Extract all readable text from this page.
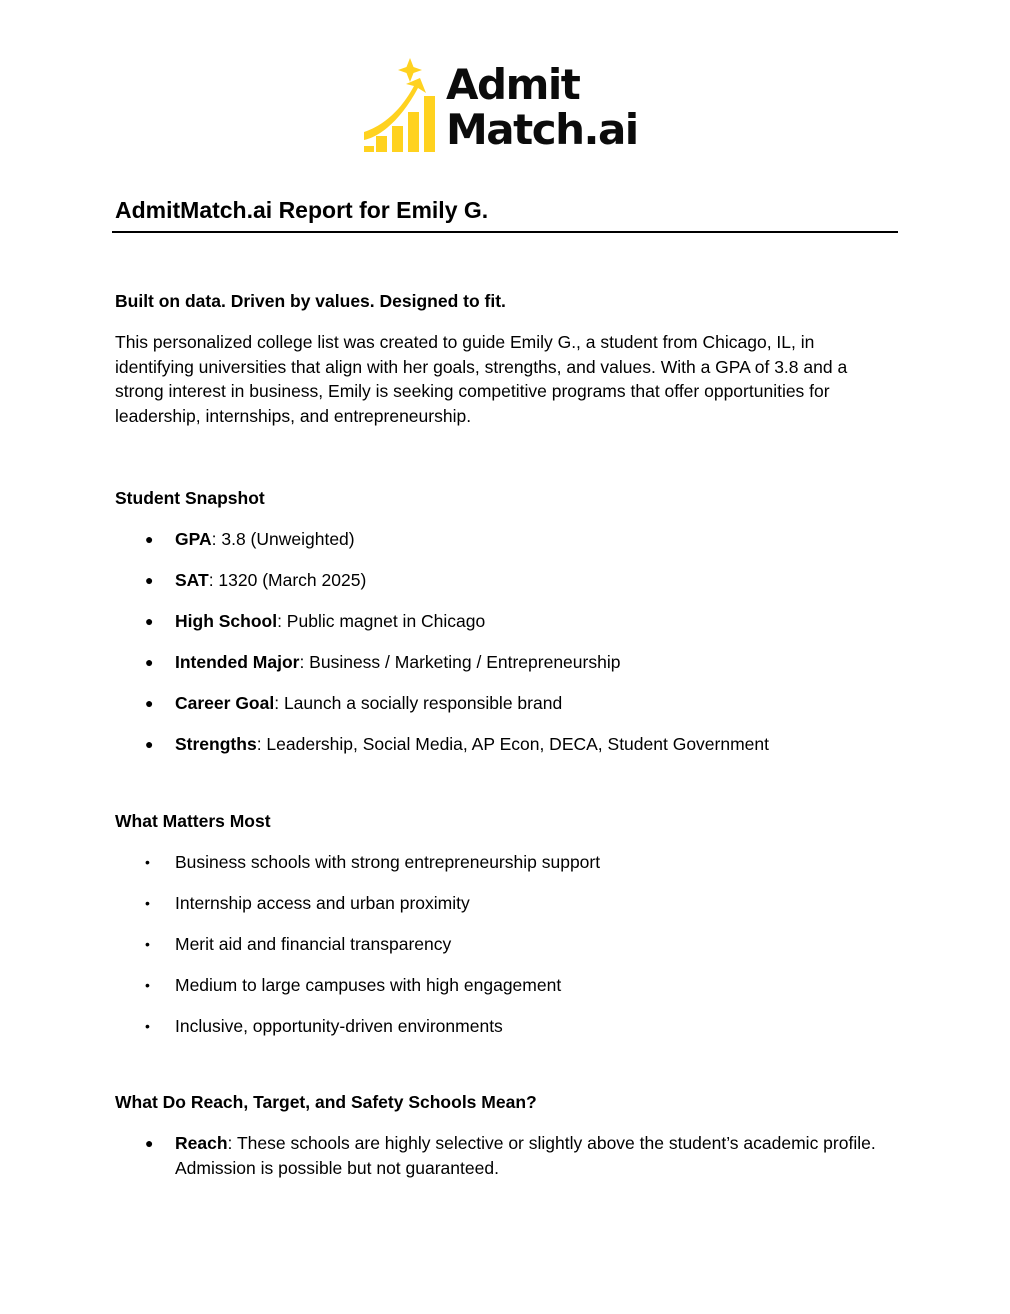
Admit
Match.ai
AdmitMatch.ai Report for Emily G.
Built on data. Driven by values. Designed to fit.

This personalized college list was created to guide Emily G., a student from Chicago, IL, in identifying universities that align with her goals, strengths, and values. With a GPA of 3.8 and a strong interest in business, Emily is seeking competitive programs that offer opportunities for leadership, internships, and entrepreneurship.

Student Snapshot
● GPA: 3.8 (Unweighted)
● SAT: 1320 (March 2025)
● High School: Public magnet in Chicago
● Intended Major: Business / Marketing / Entrepreneurship
● Career Goal: Launch a socially responsible brand
● Strengths: Leadership, Social Media, AP Econ, DECA, Student Government
What Matters Most
• Business schools with strong entrepreneurship support
• Internship access and urban proximity
• Merit aid and financial transparency
• Medium to large campuses with high engagement
• Inclusive, opportunity-driven environments
What Do Reach, Target, and Safety Schools Mean?
● Reach: These schools are highly selective or slightly above the student’s academic profile. Admission is possible but not guaranteed.
